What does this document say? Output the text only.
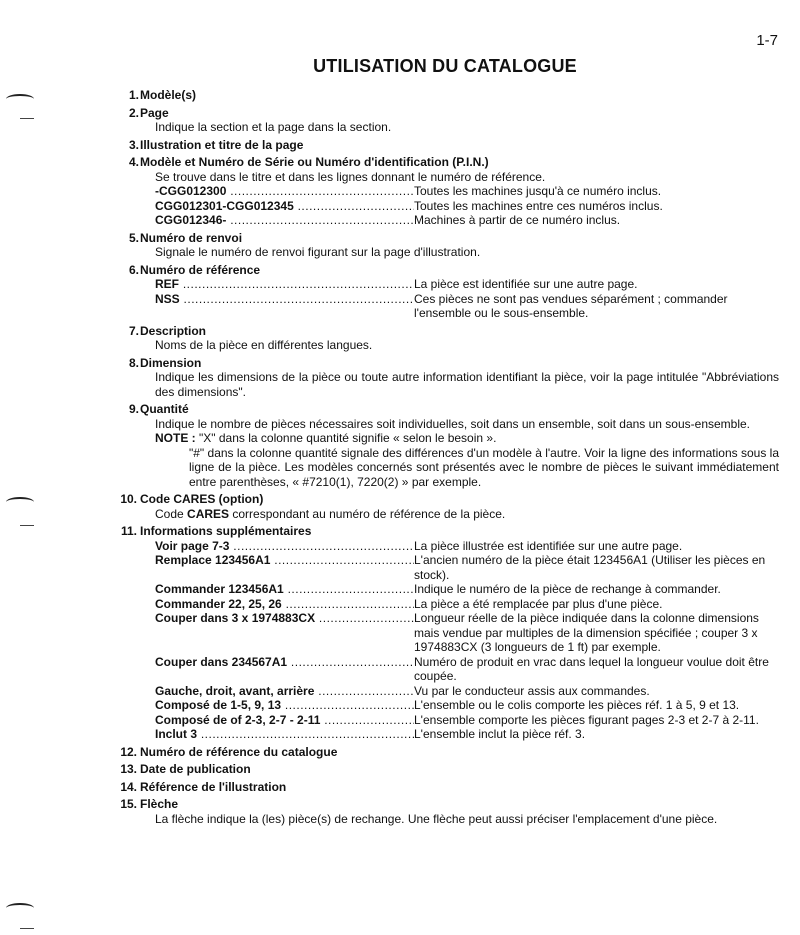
1-7
UTILISATION DU CATALOGUE
1. Modèle(s)
2. Page
Indique la section et la page dans la section.
3. Illustration et titre de la page
4. Modèle et Numéro de Série ou Numéro d'identification (P.I.N.)
Se trouve dans le titre et dans les lignes donnant le numéro de référence.
-CGG012300 .....	Toutes les machines jusqu'à ce numéro inclus.
CGG012301-CGG012345 .....	Toutes les machines entre ces numéros inclus.
CGG012346- .....	Machines à partir de ce numéro inclus.
5. Numéro de renvoi
Signale le numéro de renvoi figurant sur la page d'illustration.
6. Numéro de référence
REF .....	La pièce est identifiée sur une autre page.
NSS .....	Ces pièces ne sont pas vendues séparément ; commander l'ensemble ou le sous-ensemble.
7. Description
Noms de la pièce en différentes langues.
8. Dimension
Indique les dimensions de la pièce ou toute autre information identifiant la pièce, voir la page intitulée "Abbréviations des dimensions".
9. Quantité
Indique le nombre de pièces nécessaires soit individuelles, soit dans un ensemble, soit dans un sous-ensemble.
NOTE : "X" dans la colonne quantité signifie « selon le besoin ».
"#" dans la colonne quantité signale des différences d'un modèle à l'autre. Voir la ligne des informations sous la ligne de la pièce. Les modèles concernés sont présentés avec le nombre de pièces le suivant immédiatement entre parenthèses, « #7210(1), 7220(2) » par exemple.
10. Code CARES (option)
Code CARES correspondant au numéro de référence de la pièce.
11. Informations supplémentaires
Voir page 7-3 .....	La pièce illustrée est identifiée sur une autre page.
Remplace 123456A1 .....	L'ancien numéro de la pièce était 123456A1 (Utiliser les pièces en stock).
Commander 123456A1 .....	Indique le numéro de la pièce de rechange à commander.
Commander 22, 25, 26 .....	La pièce a été remplacée par plus d'une pièce.
Couper dans 3 x 1974883CX .....	Longueur réelle de la pièce indiquée dans la colonne dimensions mais vendue par multiples de la dimension spécifiée ; couper 3 x 1974883CX (3 longueurs de 1 ft) par exemple.
Couper dans 234567A1 .....	Numéro de produit en vrac dans lequel la longueur voulue doit être coupée.
Gauche, droit, avant, arrière .....	Vu par le conducteur assis aux commandes.
Composé de 1-5, 9, 13 .....	L'ensemble ou le colis comporte les pièces réf. 1 à 5, 9 et 13.
Composé de of 2-3, 2-7 - 2-11 .....	L'ensemble comporte les pièces figurant pages 2-3 et 2-7 à 2-11.
Inclut 3 .....	L'ensemble inclut la pièce réf. 3.
12. Numéro de référence du catalogue
13. Date de publication
14. Référence de l'illustration
15. Flèche
La flèche indique la (les) pièce(s) de rechange. Une flèche peut aussi préciser l'emplacement d'une pièce.
